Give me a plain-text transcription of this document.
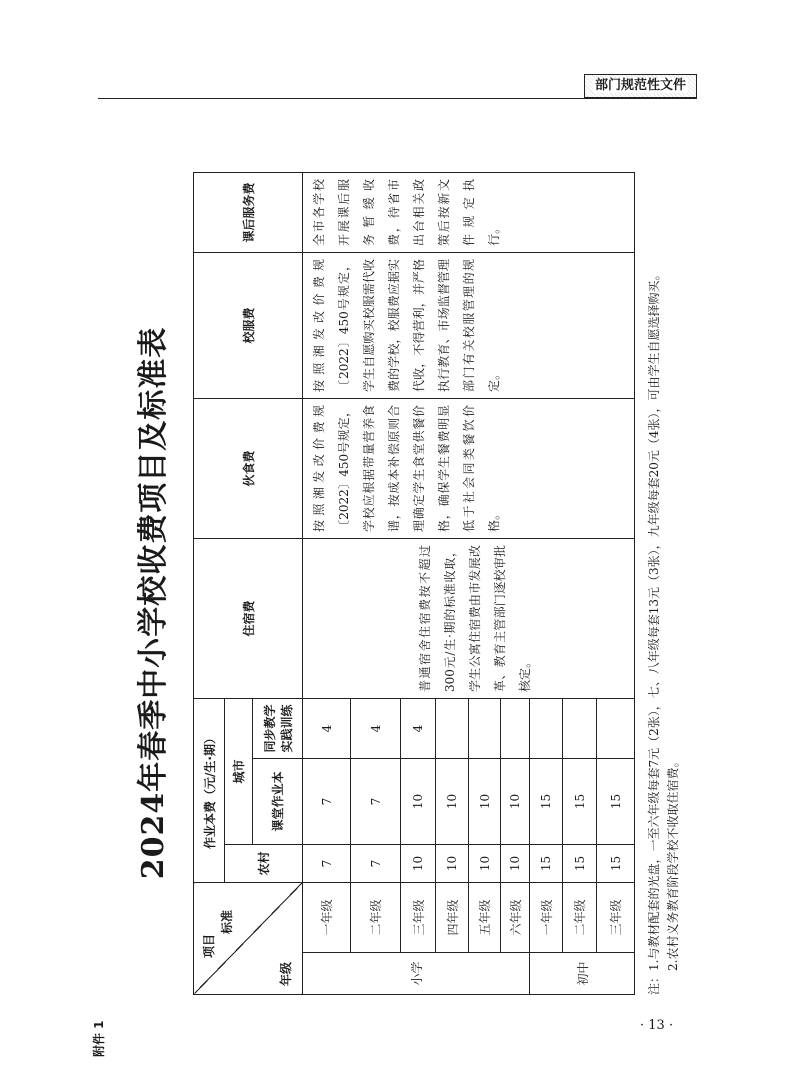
部门规范性文件
· 13 ·
附件 1
2024年春季中小学校收费项目及标准表
项目
标准
年级		作业本费（元/生·期）			住宿费	伙食费	校服费	课后服务费
		农村	城市					
			课堂作业本	同步教学实践训练				
小学	一年级	7	7	4	普通宿舍住宿费按不超过300元/生·期的标准收取，学生公寓住宿费由市发展改革、教育主管部门逐校审批核定。	按照湘发改价费规〔2022〕450号规定，学校应根据带量营养食谱，按成本补偿原则合理确定学生食堂供餐价格，确保学生餐费明显低于社会同类餐饮价格。	按照湘发改价费规〔2022〕450号规定，学生自愿购买校服需代收费的学校，校服费应据实代收，不得营利，并严格执行教育、市场监督管理部门有关校服管理的规定。	全市各学校开展课后服务暂缓收费，待省市出台相关政策后按新文件规定执行。
	二年级	7	7	4				
	三年级	10	10	4				
	四年级	10	10					
	五年级	10	10					
	六年级	10	10					
初中	一年级	15	15					
	二年级	15	15					
	三年级	15	15					注：1.与教材配套的光盘，一至六年级每套7元（2张），七、八年级每套13元（3张），九年级每套20元（4张），可由学生自愿选择购买。 2.农村义务教育阶段学校不收取住宿费。
